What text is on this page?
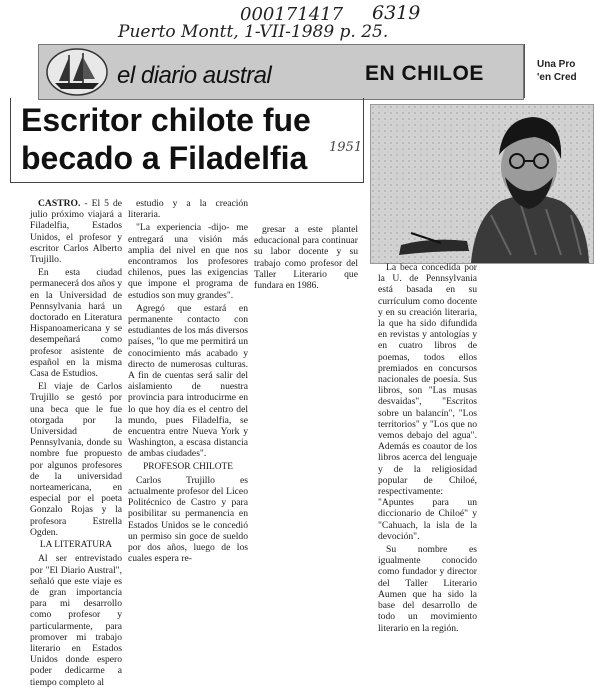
000171417 6319
Puerto Montt, 1-VII-1989 p. 25.
el diario austral	EN CHILOE	Una Pro
'en Cred
Escritor chilote fue
becado a Filadelfia 1951

CASTRO. - El 5 de julio próximo viajará a Filadelfia, Estados Unidos, el profesor y escritor Carlos Alberto Trujillo.

En esta ciudad permanecerá dos años y en la Universidad de Pennsylvania hará un doctorado en Literatura Hispanoamericana y se desempeñará como profesor asistente de español en la misma Casa de Estudios.

El viaje de Carlos Trujillo se gestó por una beca que le fue otorgada por la Universidad de Pennsylvania, donde su nombre fue propuesto por algunos profesores de la universidad norteamericana, en especial por el poeta Gonzalo Rojas y la profesora Estrella Ogden.

LA LITERATURA

Al ser entrevistado por "El Diario Austral", señaló que este viaje es de gran importancia para mi desarrollo como profesor y particularmente, para promover mi trabajo literario en Estados Unidos donde espero poder dedicarme a tiempo completo al

estudio y a la creación literaria.

"La experiencia -dijo- me entregará una visión más amplia del nivel en que nos encontramos los profesores chilenos, pues las exigencias que impone el programa de estudios son muy grandes".

Agregó que estará en permanente contacto con estudiantes de los más diversos países, "lo que me permitirá un conocimiento más acabado y directo de numerosas culturas. A fin de cuentas será salir del aislamiento de nuestra provincia para introducirme en lo que hoy día es el centro del mundo, pues Filadelfia, se encuentra entre Nueva York y Washington, a escasa distancia de ambas ciudades".

PROFESOR CHILOTE

Carlos Trujillo es actualmente profesor del Liceo Politécnico de Castro y para posibilitar su permanencia en Estados Unidos se le concedió un permiso sin goce de sueldo por dos años, luego de los cuales espera re-

gresar a este plantel educacional para continuar su labor docente y su trabajo como profesor del Taller Literario que fundara en 1986.

La beca concedida por la U. de Pennsylvania está basada en su currículum como docente y en su creación literaria, la que ha sido difundida en revistas y antologías y en cuatro libros de poemas, todos ellos premiados en concursos nacionales de poesía. Sus libros, son "Las musas desvaidas", "Escritos sobre un balancín", "Los territorios" y "Los que no vemos debajo del agua". Además es coautor de los libros acerca del lenguaje y de la religiosidad popular de Chiloé, respectivamente: "Apuntes para un diccionario de Chiloé" y "Cahuach, la isla de la devoción".

Su nombre es igualmente conocido como fundador y director del Taller Literario Aumen que ha sido la base del desarrollo de todo un movimiento literario en la región.
